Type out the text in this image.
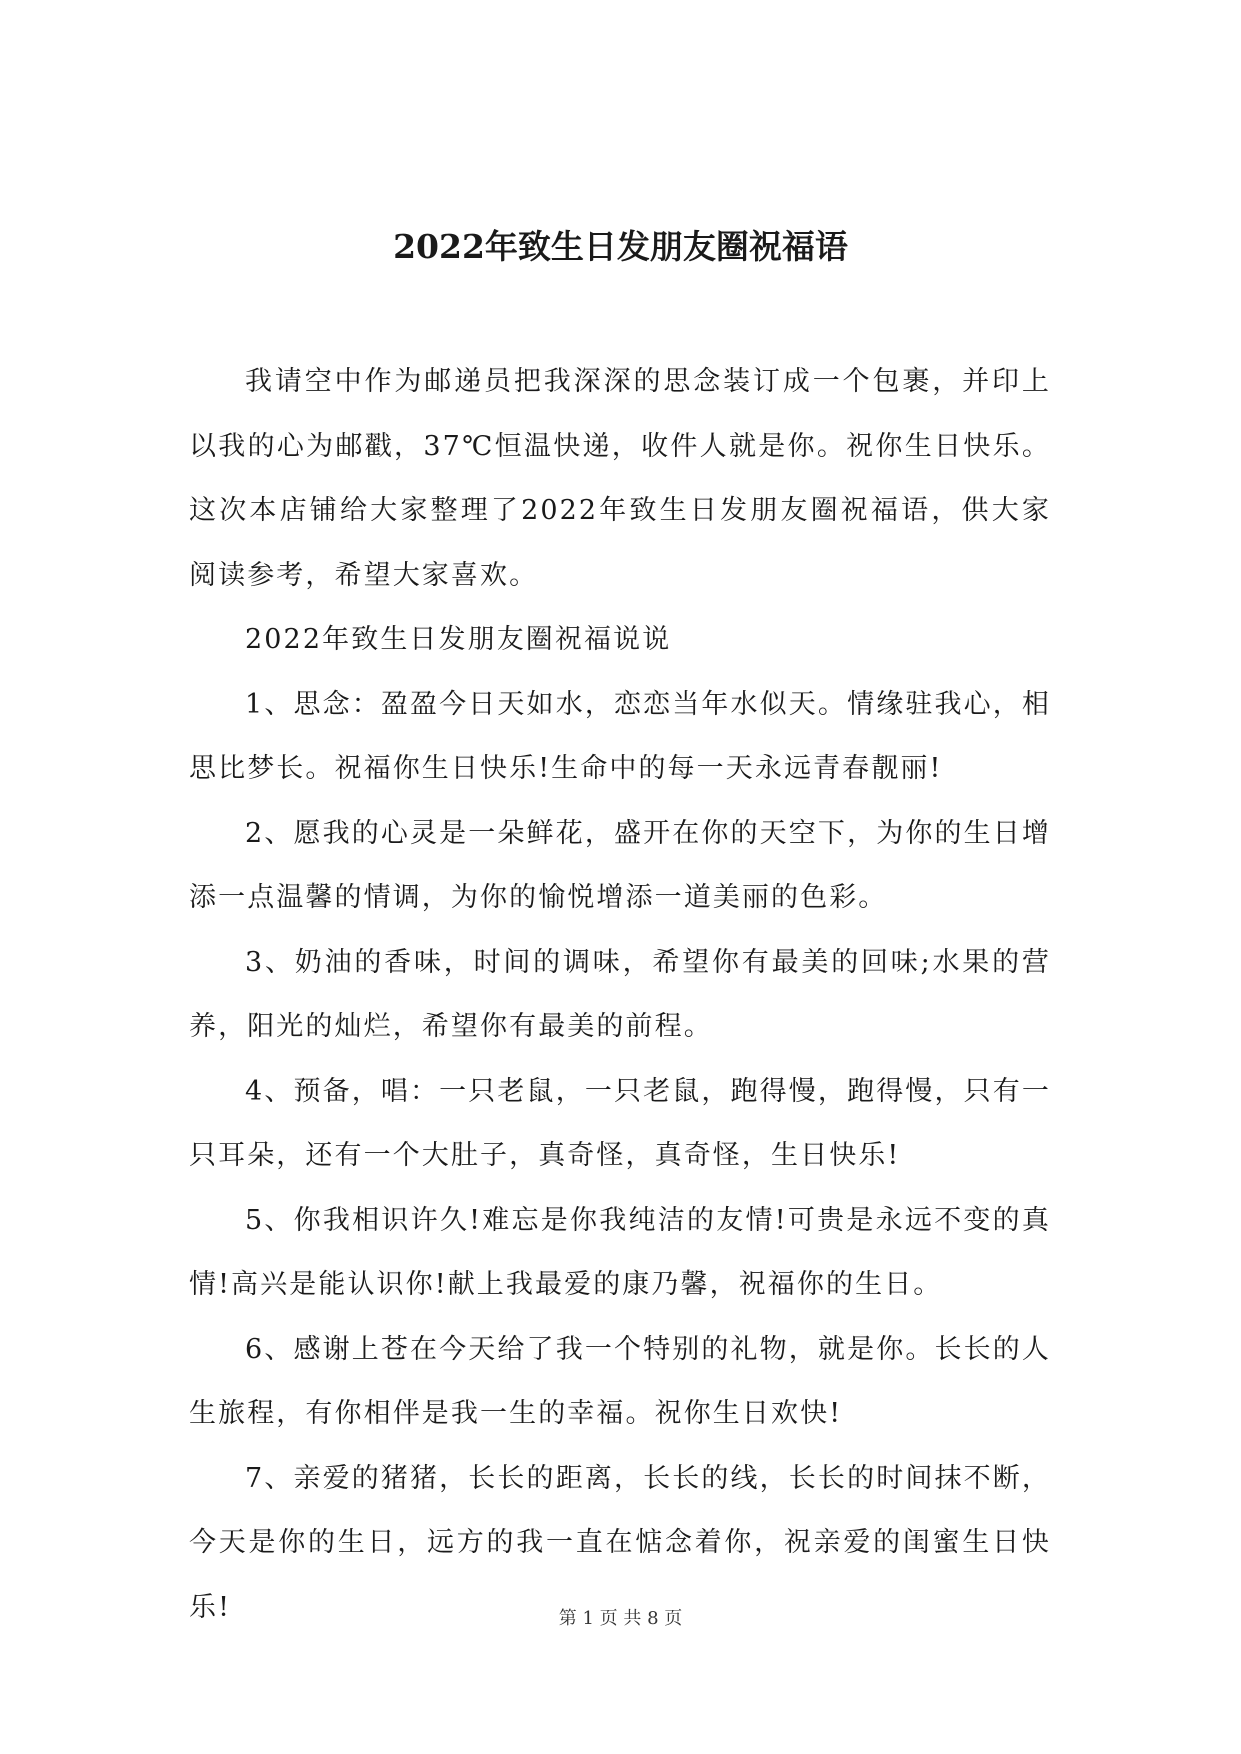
2022年致生日发朋友圈祝福语

我请空中作为邮递员把我深深的思念装订成一个包裹，并印上以我的心为邮戳，37℃恒温快递，收件人就是你。祝你生日快乐。这次本店铺给大家整理了2022年致生日发朋友圈祝福语，供大家阅读参考，希望大家喜欢。

2022年致生日发朋友圈祝福说说

1、思念：盈盈今日天如水，恋恋当年水似天。情缘驻我心，相思比梦长。祝福你生日快乐!生命中的每一天永远青春靓丽!

2、愿我的心灵是一朵鲜花，盛开在你的天空下，为你的生日增添一点温馨的情调，为你的愉悦增添一道美丽的色彩。

3、奶油的香味，时间的调味，希望你有最美的回味;水果的营养，阳光的灿烂，希望你有最美的前程。

4、预备，唱：一只老鼠，一只老鼠，跑得慢，跑得慢，只有一只耳朵，还有一个大肚子，真奇怪，真奇怪，生日快乐!

5、你我相识许久!难忘是你我纯洁的友情!可贵是永远不变的真情!高兴是能认识你!献上我最爱的康乃馨，祝福你的生日。

6、感谢上苍在今天给了我一个特别的礼物，就是你。长长的人生旅程，有你相伴是我一生的幸福。祝你生日欢快!

7、亲爱的猪猪，长长的距离，长长的线，长长的时间抹不断，今天是你的生日，远方的我一直在惦念着你，祝亲爱的闺蜜生日快乐!	第 1 页 共 8 页
